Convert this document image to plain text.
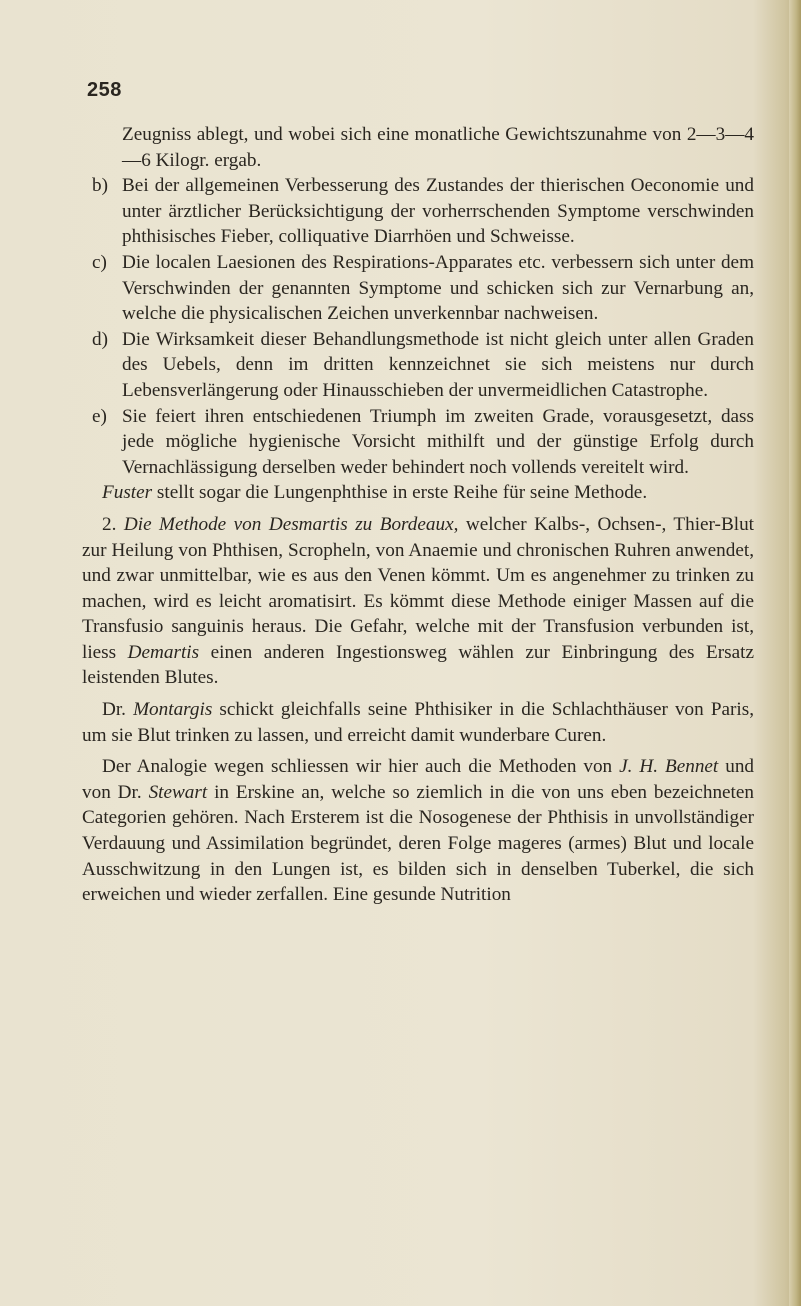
258

Zeugniss ablegt, und wobei sich eine monatliche Gewichtszunahme von 2—3—4—6 Kilogr. ergab.

b) Bei der allgemeinen Verbesserung des Zustandes der thierischen Oeconomie und unter ärztlicher Berücksichtigung der vorherrschenden Symptome verschwinden phthisisches Fieber, colliquative Diarrhöen und Schweisse.

c) Die localen Laesionen des Respirations-Apparates etc. verbessern sich unter dem Verschwinden der genannten Symptome und schicken sich zur Vernarbung an, welche die physicalischen Zeichen unverkennbar nachweisen.

d) Die Wirksamkeit dieser Behandlungsmethode ist nicht gleich unter allen Graden des Uebels, denn im dritten kennzeichnet sie sich meistens nur durch Lebensverlängerung oder Hinausschieben der unvermeidlichen Catastrophe.

e) Sie feiert ihren entschiedenen Triumph im zweiten Grade, vorausgesetzt, dass jede mögliche hygienische Vorsicht mithilft und der günstige Erfolg durch Vernachlässigung derselben weder behindert noch vollends vereitelt wird.

Fuster stellt sogar die Lungenphthise in erste Reihe für seine Methode.

2. Die Methode von Desmartis zu Bordeaux, welcher Kalbs-, Ochsen-, Thier-Blut zur Heilung von Phthisen, Scropheln, von Anaemie und chronischen Ruhren anwendet, und zwar unmittelbar, wie es aus den Venen kömmt. Um es angenehmer zu trinken zu machen, wird es leicht aromatisirt. Es kömmt diese Methode einiger Massen auf die Transfusio sanguinis heraus. Die Gefahr, welche mit der Transfusion verbunden ist, liess Demartis einen anderen Ingestionsweg wählen zur Einbringung des Ersatz leistenden Blutes.

Dr. Montargis schickt gleichfalls seine Phthisiker in die Schlachthäuser von Paris, um sie Blut trinken zu lassen, und erreicht damit wunderbare Curen.

Der Analogie wegen schliessen wir hier auch die Methoden von J. H. Bennet und von Dr. Stewart in Erskine an, welche so ziemlich in die von uns eben bezeichneten Categorien gehören. Nach Ersterem ist die Nosogenese der Phthisis in unvollständiger Verdauung und Assimilation begründet, deren Folge mageres (armes) Blut und locale Ausschwitzung in den Lungen ist, es bilden sich in denselben Tuberkel, die sich erweichen und wieder zerfallen. Eine gesunde Nutrition
